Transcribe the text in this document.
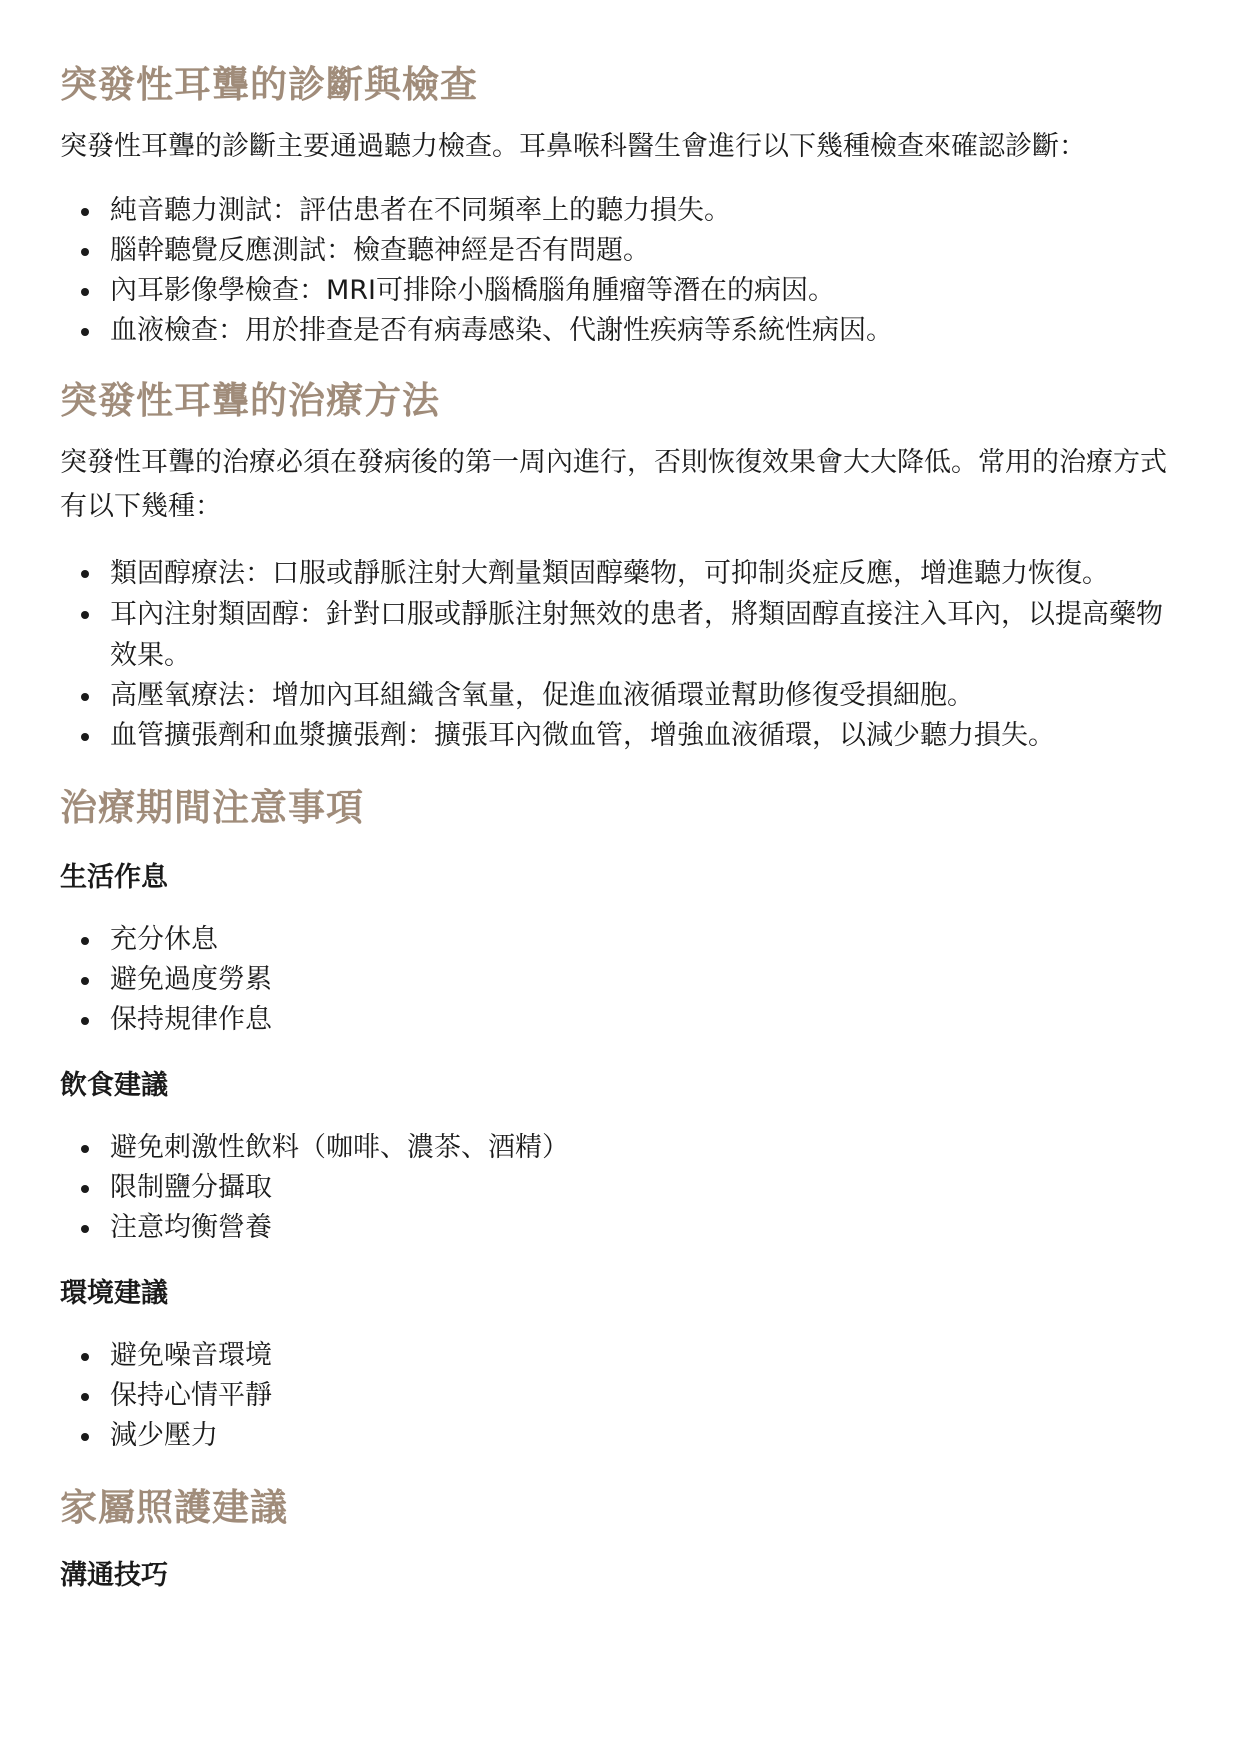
突發性耳聾的診斷與檢查

突發性耳聾的診斷主要通過聽力檢查。耳鼻喉科醫生會進行以下幾種檢查來確認診斷：

純音聽力測試：評估患者在不同頻率上的聽力損失。
腦幹聽覺反應測試：檢查聽神經是否有問題。
內耳影像學檢查：MRI可排除小腦橋腦角腫瘤等潛在的病因。
血液檢查：用於排查是否有病毒感染、代謝性疾病等系統性病因。
突發性耳聾的治療方法

突發性耳聾的治療必須在發病後的第一周內進行，否則恢復效果會大大降低。常用的治療方式有以下幾種：

類固醇療法：口服或靜脈注射大劑量類固醇藥物，可抑制炎症反應，增進聽力恢復。
耳內注射類固醇：針對口服或靜脈注射無效的患者，將類固醇直接注入耳內，以提高藥物效果。
高壓氧療法：增加內耳組織含氧量，促進血液循環並幫助修復受損細胞。
血管擴張劑和血漿擴張劑：擴張耳內微血管，增強血液循環，以減少聽力損失。
治療期間注意事項
生活作息
充分休息
避免過度勞累
保持規律作息
飲食建議
避免刺激性飲料（咖啡、濃茶、酒精）
限制鹽分攝取
注意均衡營養
環境建議
避免噪音環境
保持心情平靜
減少壓力
家屬照護建議
溝通技巧
